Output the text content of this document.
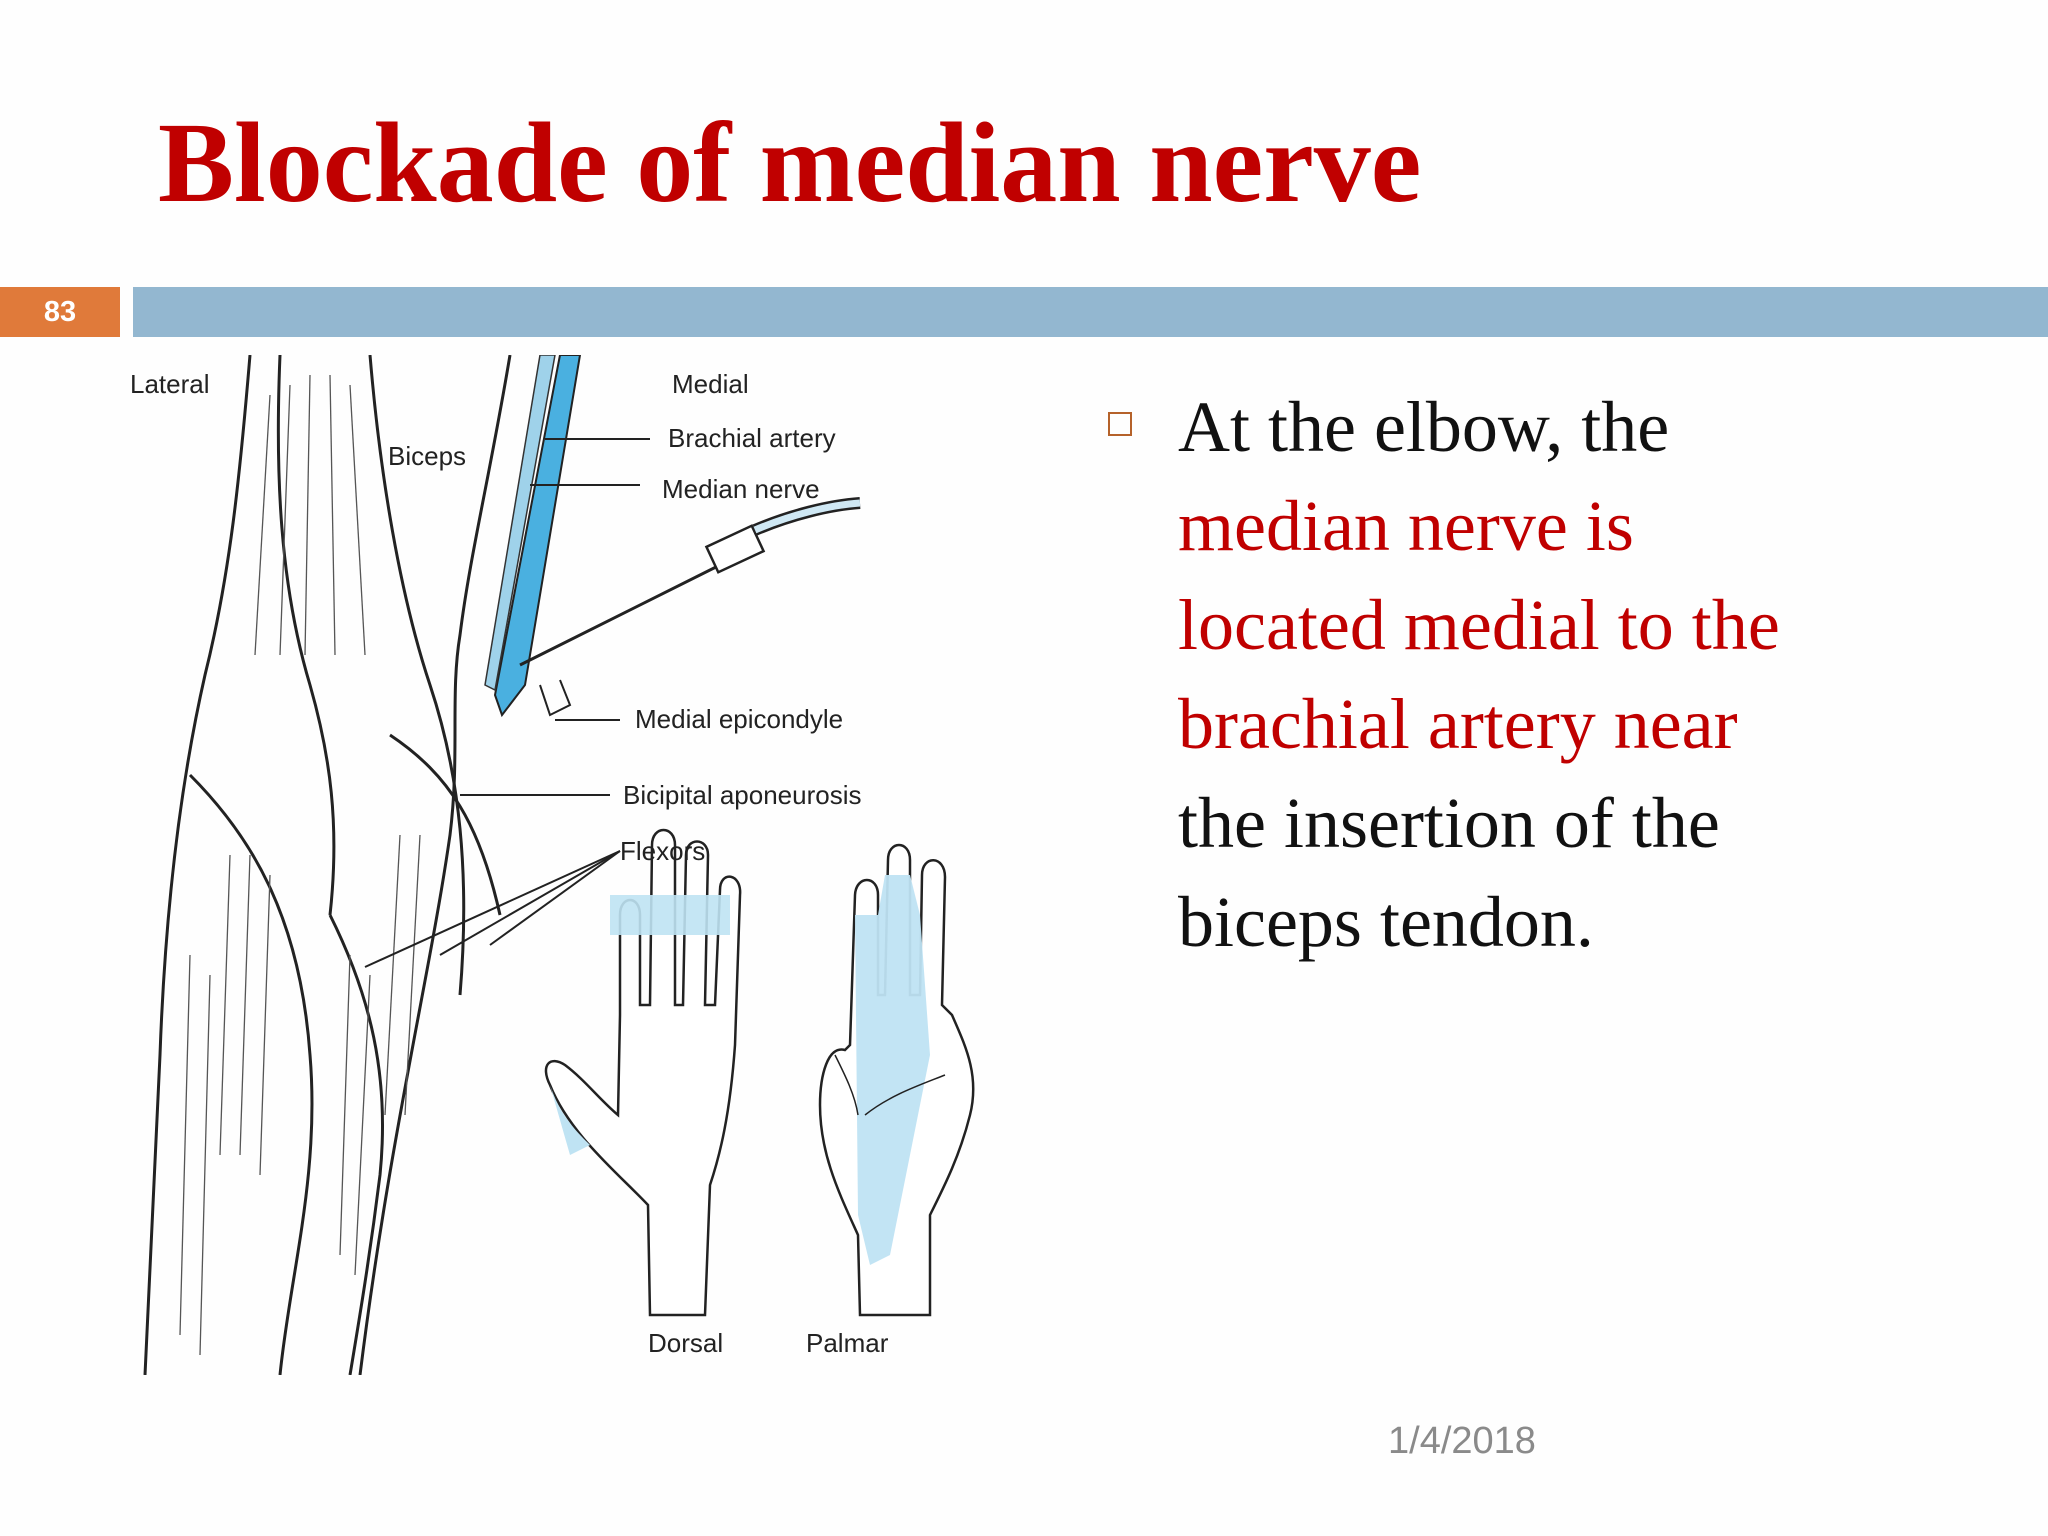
Blockade of median nerve
83
Lateral	Medial
Biceps
Brachial artery
Median nerve
Medial epicondyle
Bicipital aponeurosis
Flexors
Dorsal	Palmar
At the elbow, the
median nerve is
located medial to the
brachial artery near
the insertion of the
biceps tendon.
1/4/2018
